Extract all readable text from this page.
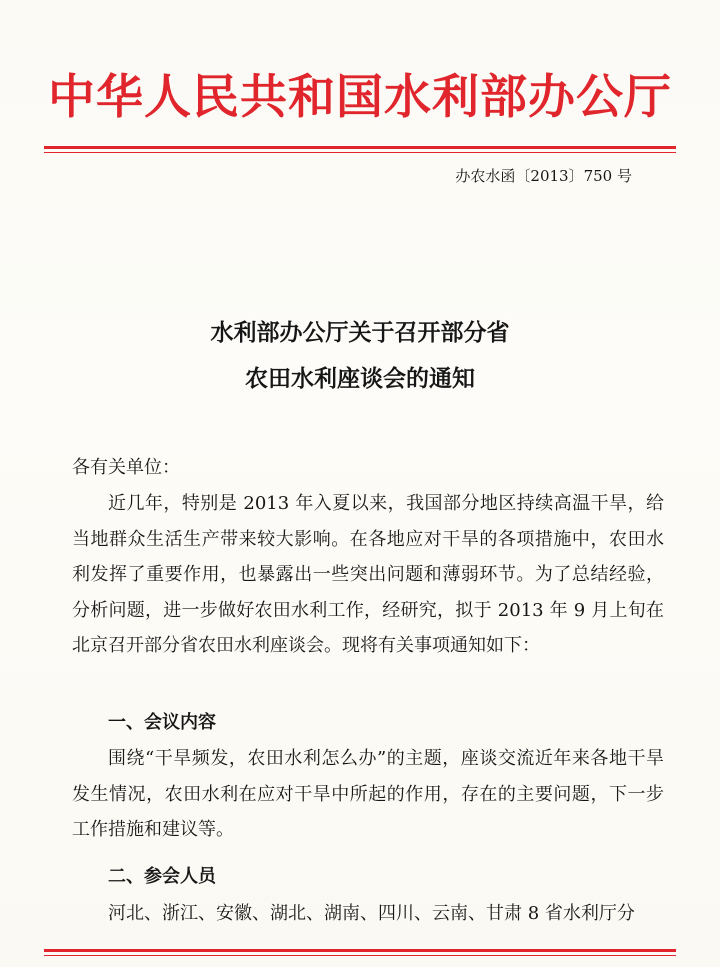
中华人民共和国水利部办公厅
办农水函〔2013〕750 号
水利部办公厅关于召开部分省
农田水利座谈会的通知
各有关单位：
近几年，特别是 2013 年入夏以来，我国部分地区持续高温干旱，给当地群众生活生产带来较大影响。在各地应对干旱的各项措施中，农田水利发挥了重要作用，也暴露出一些突出问题和薄弱环节。为了总结经验，分析问题，进一步做好农田水利工作，经研究，拟于 2013 年 9 月上旬在北京召开部分省农田水利座谈会。现将有关事项通知如下：
一、会议内容
围绕“干旱频发，农田水利怎么办”的主题，座谈交流近年来各地干旱发生情况，农田水利在应对干旱中所起的作用，存在的主要问题，下一步工作措施和建议等。
二、参会人员
河北、浙江、安徽、湖北、湖南、四川、云南、甘肃 8 省水利厅分
